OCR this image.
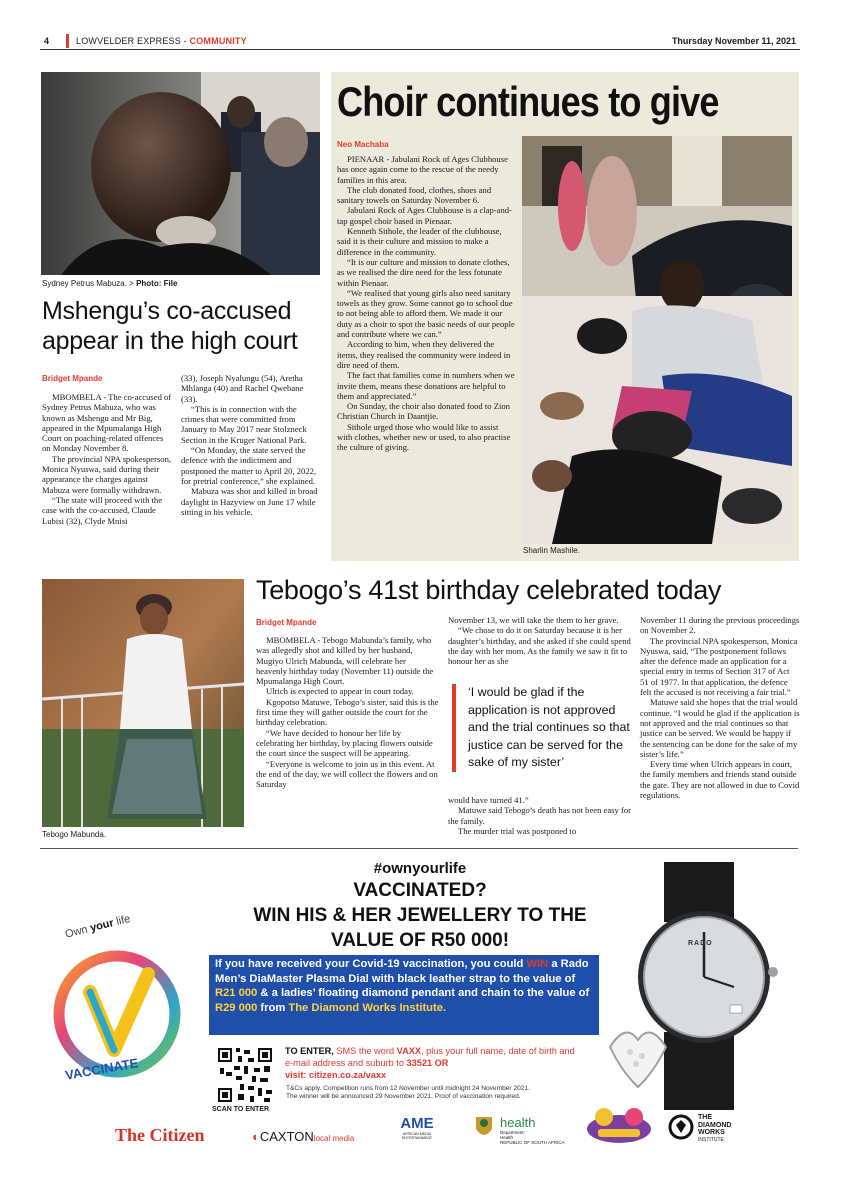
4	LOWVELDER EXPRESS - COMMUNITY	Thursday November 11, 2021
Sydney Petrus Mabuza. > Photo: File
Mshengu’s co-accused appear in the high court
Bridget Mpande

MBOMBELA - The co-accused of Sydney Petrus Mabuza, who was known as Mshengu and Mr Big, appeared in the Mpumalanga High Court on poaching-related offences on Monday November 8.

The provincial NPA spokesperson, Monica Nyuswa, said during their appearance the charges against Mabuza were formally withdrawn.

“The state will proceed with the case with the co-accused, Claude Lubisi (32), Clyde Mnisi

(33), Joseph Nyalungu (54), Aretha Mhlanga (40) and Rachel Qwebane (33).

“This is in connection with the crimes that were committed from January to May 2017 near Stolzneck Section in the Kruger National Park.

“On Monday, the state served the defence with the indictment and postponed the matter to April 20, 2022, for pretrial conference,” she explained.

Mabuza was shot and killed in broad daylight in Hazyview on June 17 while sitting in his vehicle.

Choir continues to give
Neo Machaba

PIENAAR - Jabulani Rock of Ages Clubhouse has once again come to the rescue of the needy families in this area.

The club donated food, clothes, shoes and sanitary towels on Saturday November 6.

Jabulani Rock of Ages Clubhouse is a clap-and-tap gospel choir based in Pienaar.

Kenneth Sithole, the leader of the clubhouse, said it is their culture and mission to make a difference in the community.

“It is our culture and mission to donate clothes, as we realised the dire need for the less fotunate within Pienaar.

“We realised that young girls also need sanitary towels as they grow. Some cannot go to school due to not being able to afford them. We made it our duty as a choir to spot the basic needs of our people and contribute where we can.”

According to him, when they delivered the items, they realised the community were indeed in dire need of them.

The fact that families come in numbers when we invite them, means these donations are helpful to them and appreciated.”

On Sunday, the choir also donated food to Zion Christian Church in Daantjie.

Sithole urged those who would like to assist with clothes, whether new or used, to also practise the culture of giving.

Sharlin Mashile.
Tebogo Mabunda.
Tebogo’s 41st birthday celebrated today
Bridget Mpande

MBOMBELA - Tebogo Mabunda’s family, who was allegedly shot and killed by her husband, Mugiyo Ulrich Mabunda, will celebrate her heavenly birthday today (November 11) outside the Mpumalanga High Court.

Ulrich is expected to appear in court today.

Kgopotso Matuwe, Tebogo’s sister, said this is the first time they will gather outside the court for the birthday celebration.

“We have decided to honour her life by celebrating her birthday, by placing flowers outside the court since the suspect will be appearing.

“Everyone is welcome to join us in this event. At the end of the day, we will collect the flowers and on Saturday

November 13, we will take the them to her grave.

“We chose to do it on Saturday because it is her daughter’s birthday, and she asked if she could spend the day with her mom. As the family we saw it fit to honour her as she

‘I would be glad if the application is not approved and the trial continues so that justice can be served for the sake of my sister’

would have turned 41.”

Matuwe said Tebogo’s death has not been easy for the family.

The murder trial was postponed to

November 11 during the previous proceedings on November 2.

The provincial NPA spokesperson, Monica Nyuswa, said, “The postponement follows after the defence made an application for a special entry in terms of Section 317 of Act 51 of 1977. In that application, the defence felt the accused is not receiving a fair trial.”

Matuwe said she hopes that the trial would continue. “I would be glad if the application is not approved and the trial continues so that justice can be served. We would be happy if the sentencing can be done for the sake of my sister’s life.”

Every time when Ulrich appears in court, the family members and friends stand outside the gate. They are not allowed in due to Covid regulations.

#ownyourlife
VACCINATED?
WIN HIS & HER JEWELLERY TO THE
VALUE OF R50 000!
Own your life
VACCINATE
If you have received your Covid-19 vaccination, you could WIN a Rado Men’s DiaMaster Plasma Dial with black leather strap to the value of R21 000 & a ladies’ floating diamond pendant and chain to the value of R29 000 from The Diamond Works Institute.
SCAN TO ENTER
TO ENTER, SMS the word VAXX, plus your full name, date of birth and e-mail address and suburb to 33521 OR
visit: citizen.co.za/vaxx
T&Cs apply. Competition runs from 12 November until midnight 24 November 2021.
The winner will be announced 29 November 2021. Proof of vaccination required.
RADO
The Citizen	◐CAXTONlocal media
AME
AFRICAN MEDIA ENTERTAINMENT
health
Department:
Health
REPUBLIC OF SOUTH AFRICA
THE
DIAMOND
WORKS
INSTITUTE
